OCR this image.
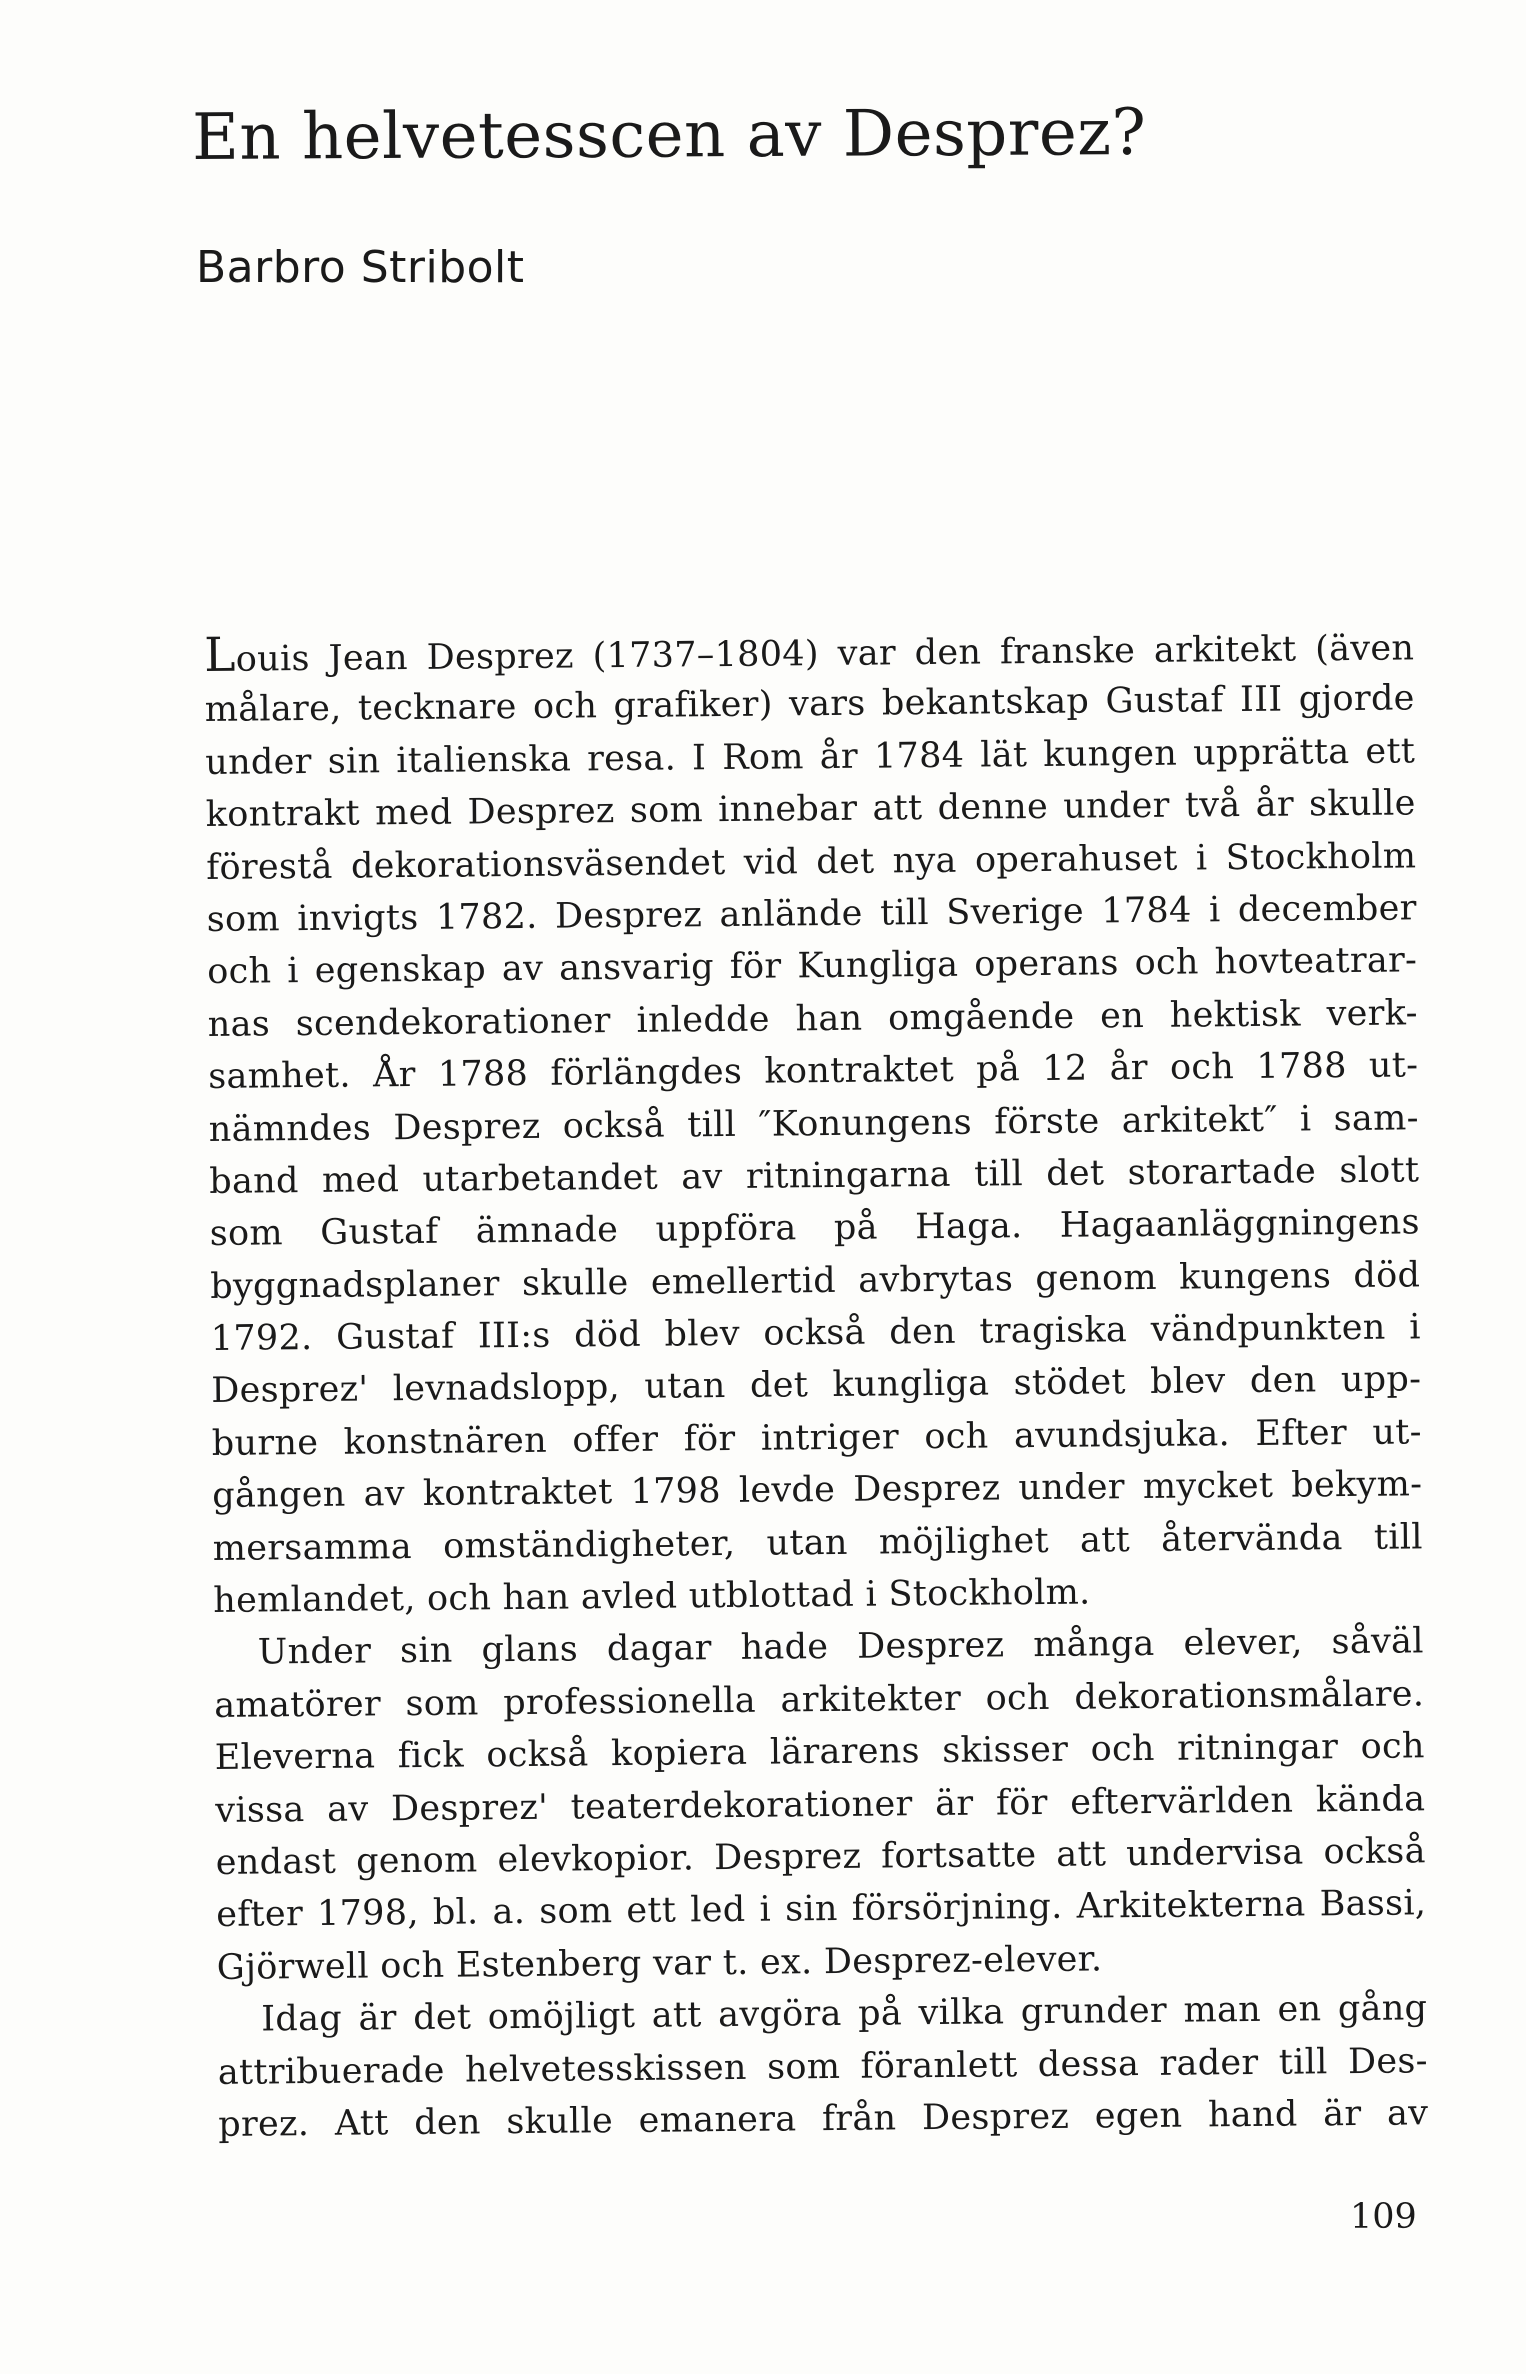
En helvetesscen av Desprez?
Barbro Stribolt
Louis Jean Desprez (1737–1804) var den franske arkitekt (även
målare, tecknare och grafiker) vars bekantskap Gustaf III gjorde
under sin italienska resa. I Rom år 1784 lät kungen upprätta ett
kontrakt med Desprez som innebar att denne under två år skulle
förestå dekorationsväsendet vid det nya operahuset i Stockholm
som invigts 1782. Desprez anlände till Sverige 1784 i december
och i egenskap av ansvarig för Kungliga operans och hovteatrar-
nas scendekorationer inledde han omgående en hektisk verk-
samhet. År 1788 förlängdes kontraktet på 12 år och 1788 ut-
nämndes Desprez också till ″Konungens förste arkitekt″ i sam-
band med utarbetandet av ritningarna till det storartade slott
som Gustaf ämnade uppföra på Haga. Hagaanläggningens
byggnadsplaner skulle emellertid avbrytas genom kungens död
1792. Gustaf III:s död blev också den tragiska vändpunkten i
Desprez' levnadslopp, utan det kungliga stödet blev den upp-
burne konstnären offer för intriger och avundsjuka. Efter ut-
gången av kontraktet 1798 levde Desprez under mycket bekym-
mersamma omständigheter, utan möjlighet att återvända till
hemlandet, och han avled utblottad i Stockholm.
Under sin glans dagar hade Desprez många elever, såväl
amatörer som professionella arkitekter och dekorationsmålare.
Eleverna fick också kopiera lärarens skisser och ritningar och
vissa av Desprez' teaterdekorationer är för eftervärlden kända
endast genom elevkopior. Desprez fortsatte att undervisa också
efter 1798, bl. a. som ett led i sin försörjning. Arkitekterna Bassi,
Gjörwell och Estenberg var t. ex. Desprez-elever.
Idag är det omöjligt att avgöra på vilka grunder man en gång
attribuerade helvetesskissen som föranlett dessa rader till Des-
prez. Att den skulle emanera från Desprez egen hand är av
109
